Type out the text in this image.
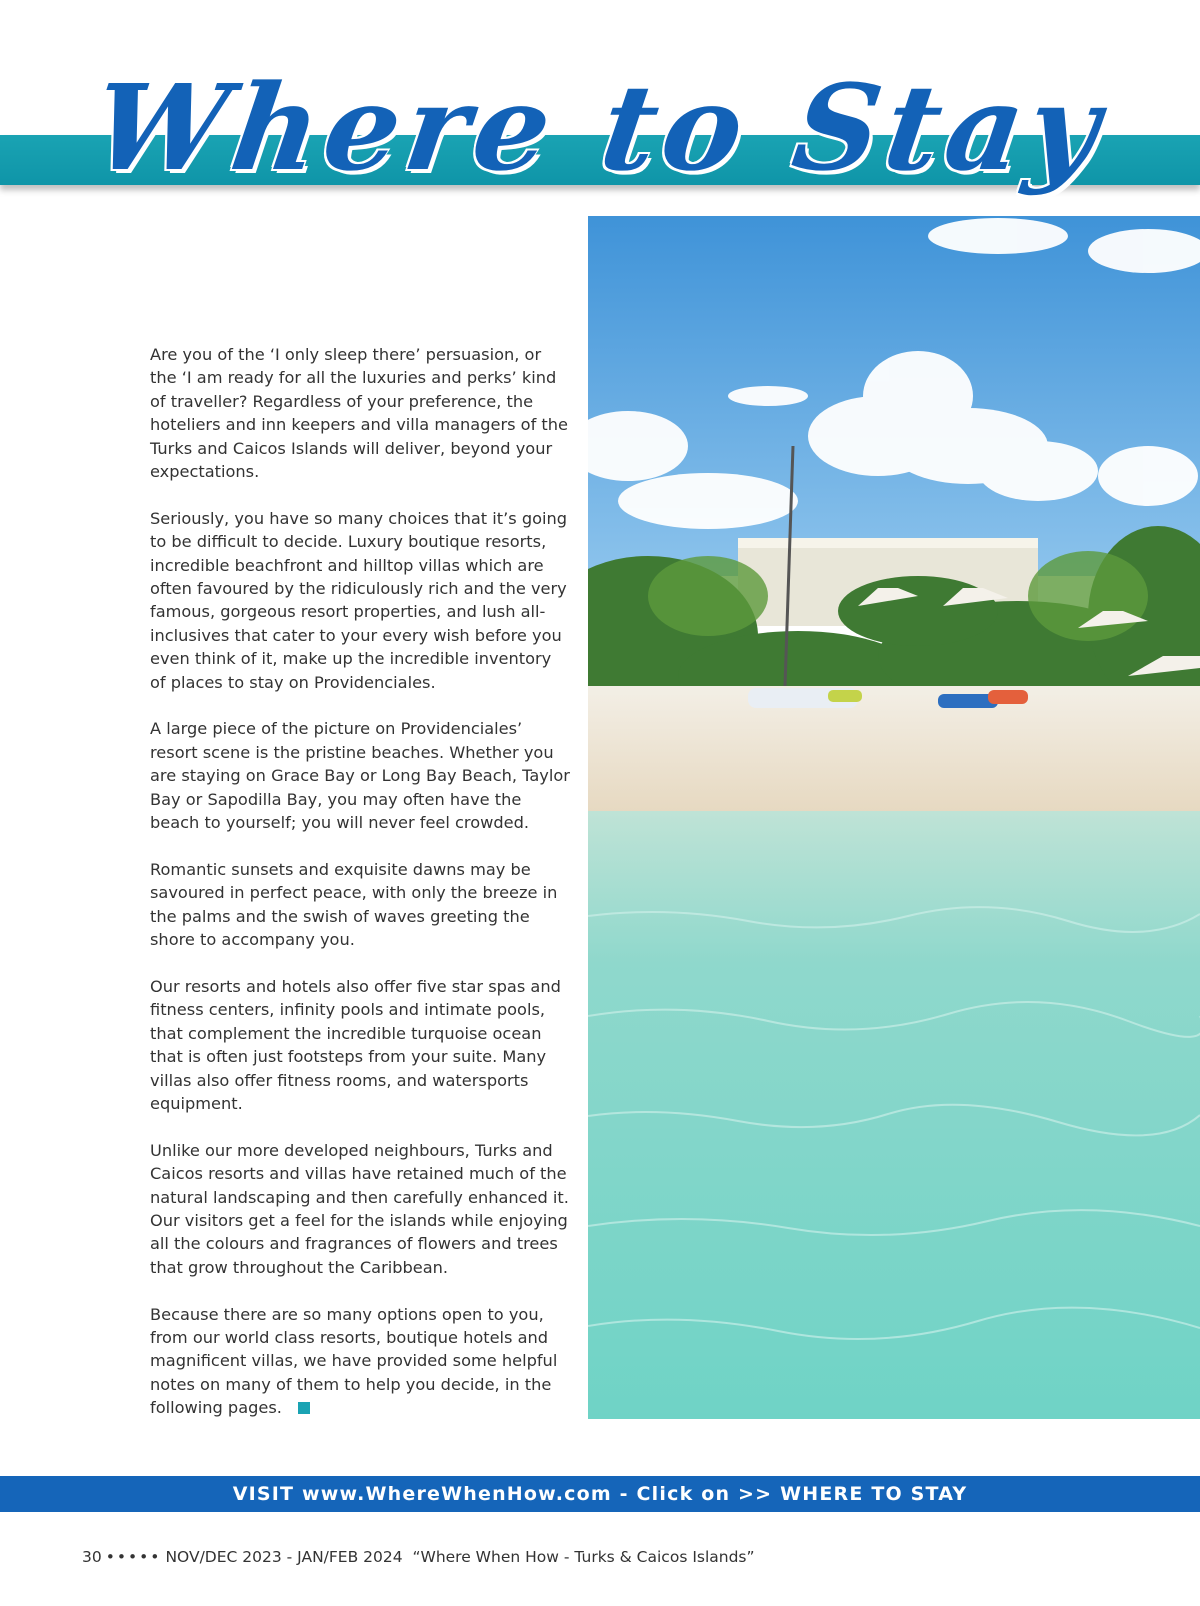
Where to Stay

Are you of the ‘I only sleep there’ persuasion, or the ‘I am ready for all the luxuries and perks’ kind of traveller? Regardless of your preference, the hoteliers and inn keepers and villa managers of the Turks and Caicos Islands will deliver, beyond your expectations.

Seriously, you have so many choices that it’s going to be difficult to decide. Luxury boutique resorts, incredible beachfront and hilltop villas which are often favoured by the ridiculously rich and the very famous, gorgeous resort properties, and lush all-inclusives that cater to your every wish before you even think of it, make up the incredible inventory of places to stay on Providenciales.

A large piece of the picture on Providenciales’ resort scene is the pristine beaches. Whether you are staying on Grace Bay or Long Bay Beach, Taylor Bay or Sapodilla Bay, you may often have the beach to yourself; you will never feel crowded.

Romantic sunsets and exquisite dawns may be savoured in perfect peace, with only the breeze in the palms and the swish of waves greeting the shore to accompany you.

Our resorts and hotels also offer five star spas and fitness centers, infinity pools and intimate pools, that complement the incredible turquoise ocean that is often just footsteps from your suite. Many villas also offer fitness rooms, and watersports equipment.

Unlike our more developed neighbours, Turks and Caicos resorts and villas have retained much of the natural landscaping and then carefully enhanced it. Our visitors get a feel for the islands while enjoying all the colours and fragrances of flowers and trees that grow throughout the Caribbean.

Because there are so many options open to you, from our world class resorts, boutique hotels and magnificent villas, we have provided some helpful notes on many of them to help you decide, in the following pages.

VISIT www.WhereWhenHow.com - Click on >> WHERE TO STAY
30 ••••• NOV/DEC 2023 - JAN/FEB 2024 “Where When How - Turks & Caicos Islands”
